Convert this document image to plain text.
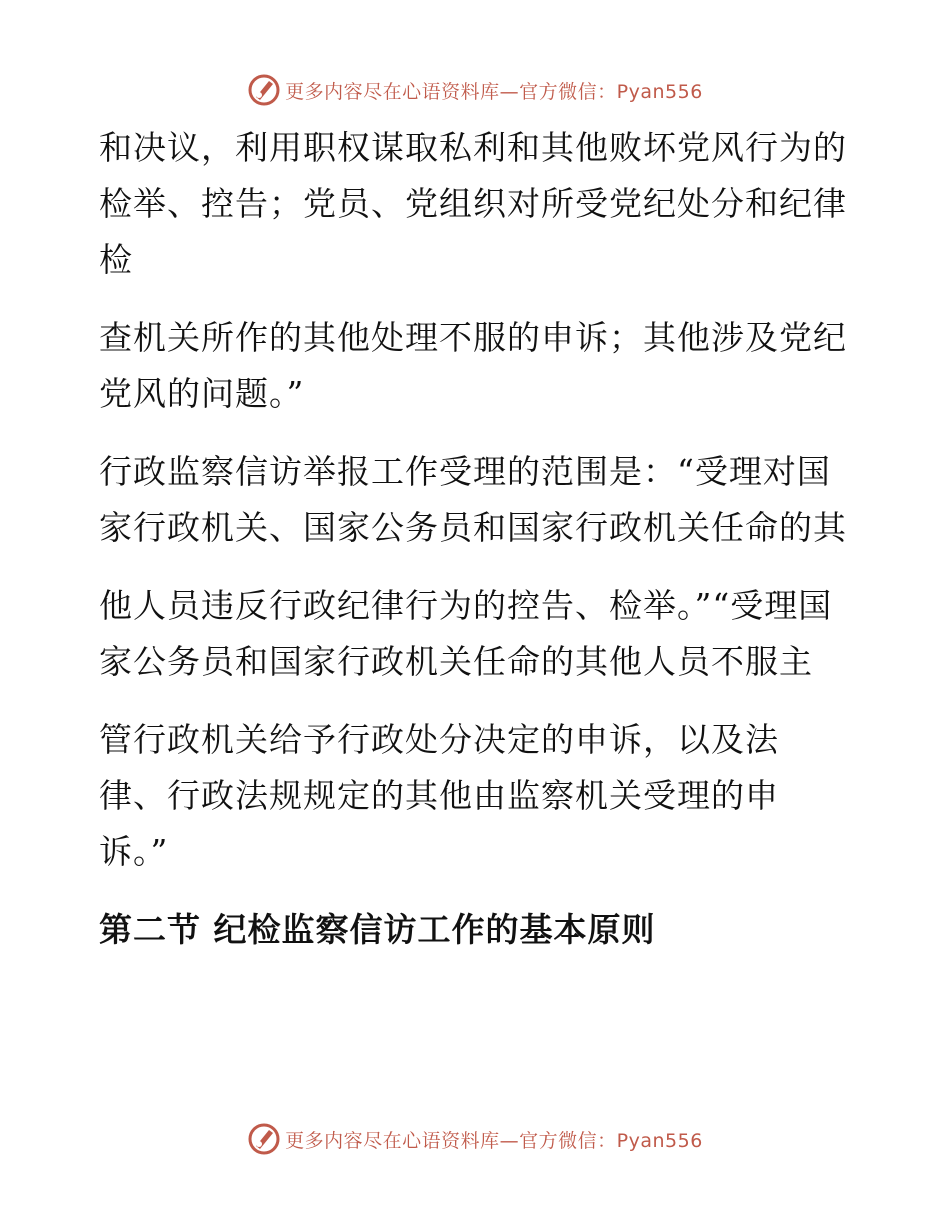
更多内容尽在心语资料库—官方微信：Pyan556

和决议，利用职权谋取私利和其他败坏党风行为的检举、控告；党员、党组织对所受党纪处分和纪律检

查机关所作的其他处理不服的申诉；其他涉及党纪党风的问题。”

行政监察信访举报工作受理的范围是：“受理对国家行政机关、国家公务员和国家行政机关任命的其

他人员违反行政纪律行为的控告、检举。”“受理国家公务员和国家行政机关任命的其他人员不服主

管行政机关给予行政处分决定的申诉，以及法律、行政法规规定的其他由监察机关受理的申诉。”

第二节 纪检监察信访工作的基本原则
更多内容尽在心语资料库—官方微信：Pyan556
